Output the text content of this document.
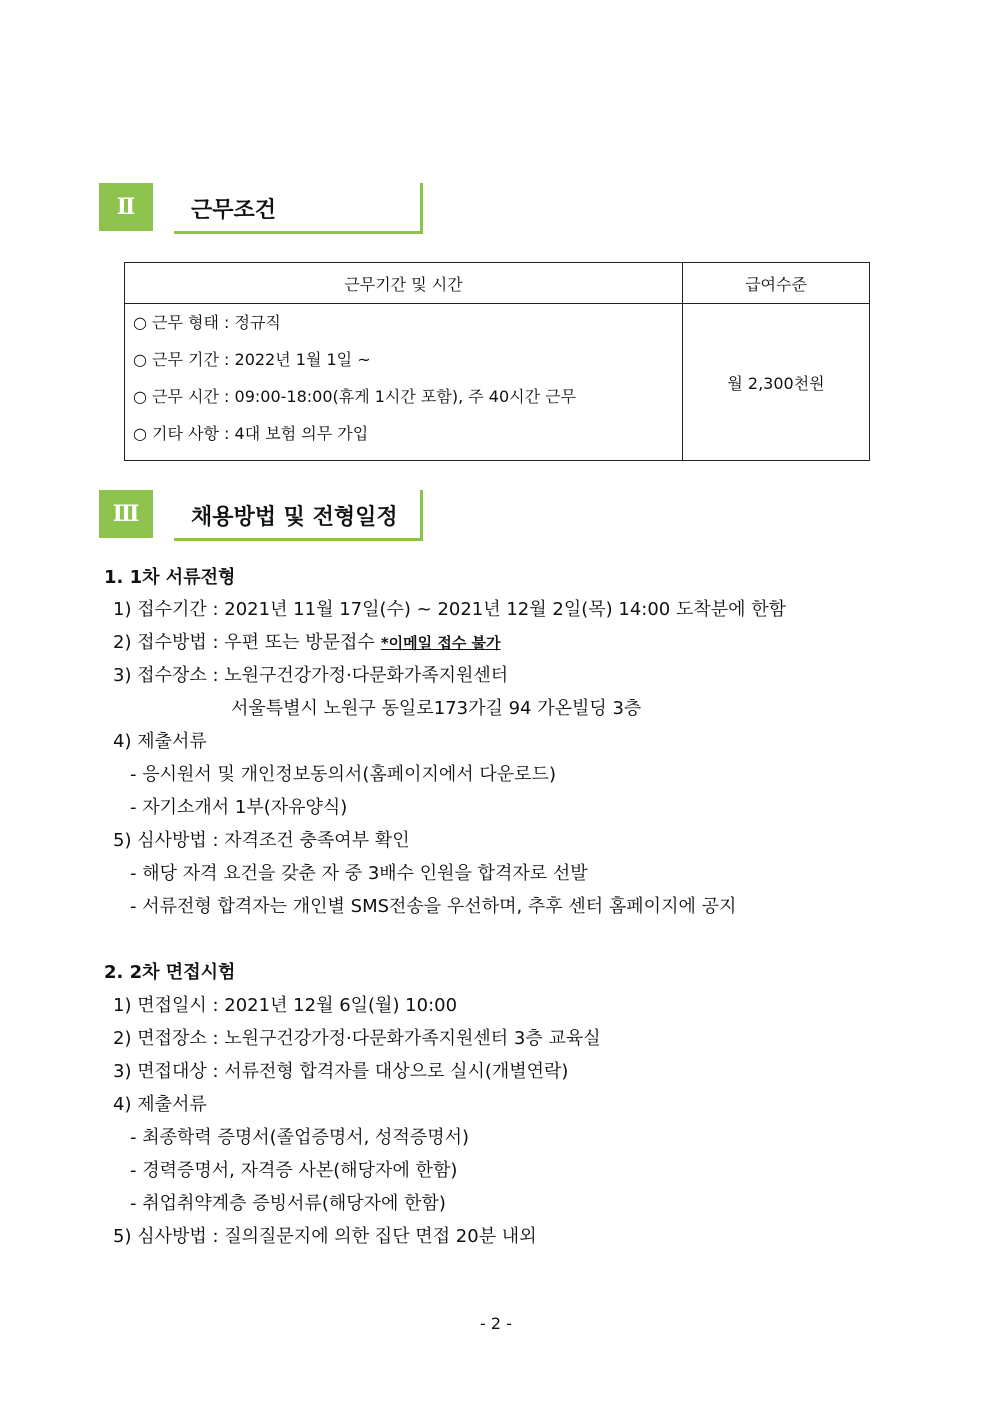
Ⅱ	근무조건
근무기간 및 시간	급여수준

○ 근무 형태 : 정규직
○ 근무 기간 : 2022년 1월 1일 ~
○ 근무 시간 : 09:00-18:00(휴게 1시간 포함), 주 40시간 근무
○ 기타 사항 : 4대 보험 의무 가입	월 2,300천원
Ⅲ	채용방법 및 전형일정
1. 1차 서류전형
1) 접수기간 : 2021년 11월 17일(수) ~ 2021년 12월 2일(목) 14:00 도착분에 한함
2) 접수방법 : 우편 또는 방문접수 *이메일 접수 불가
3) 접수장소 : 노원구건강가정·다문화가족지원센터
서울특별시 노원구 동일로173가길 94 가온빌딩 3층
4) 제출서류
- 응시원서 및 개인정보동의서(홈페이지에서 다운로드)
- 자기소개서 1부(자유양식)
5) 심사방법 : 자격조건 충족여부 확인
- 해당 자격 요건을 갖춘 자 중 3배수 인원을 합격자로 선발
- 서류전형 합격자는 개인별 SMS전송을 우선하며, 추후 센터 홈페이지에 공지
2. 2차 면접시험
1) 면접일시 : 2021년 12월 6일(월) 10:00
2) 면접장소 : 노원구건강가정·다문화가족지원센터 3층 교육실
3) 면접대상 : 서류전형 합격자를 대상으로 실시(개별연락)
4) 제출서류
- 최종학력 증명서(졸업증명서, 성적증명서)
- 경력증명서, 자격증 사본(해당자에 한함)
- 취업취약계층 증빙서류(해당자에 한함)
5) 심사방법 : 질의질문지에 의한 집단 면접 20분 내외
- 2 -
